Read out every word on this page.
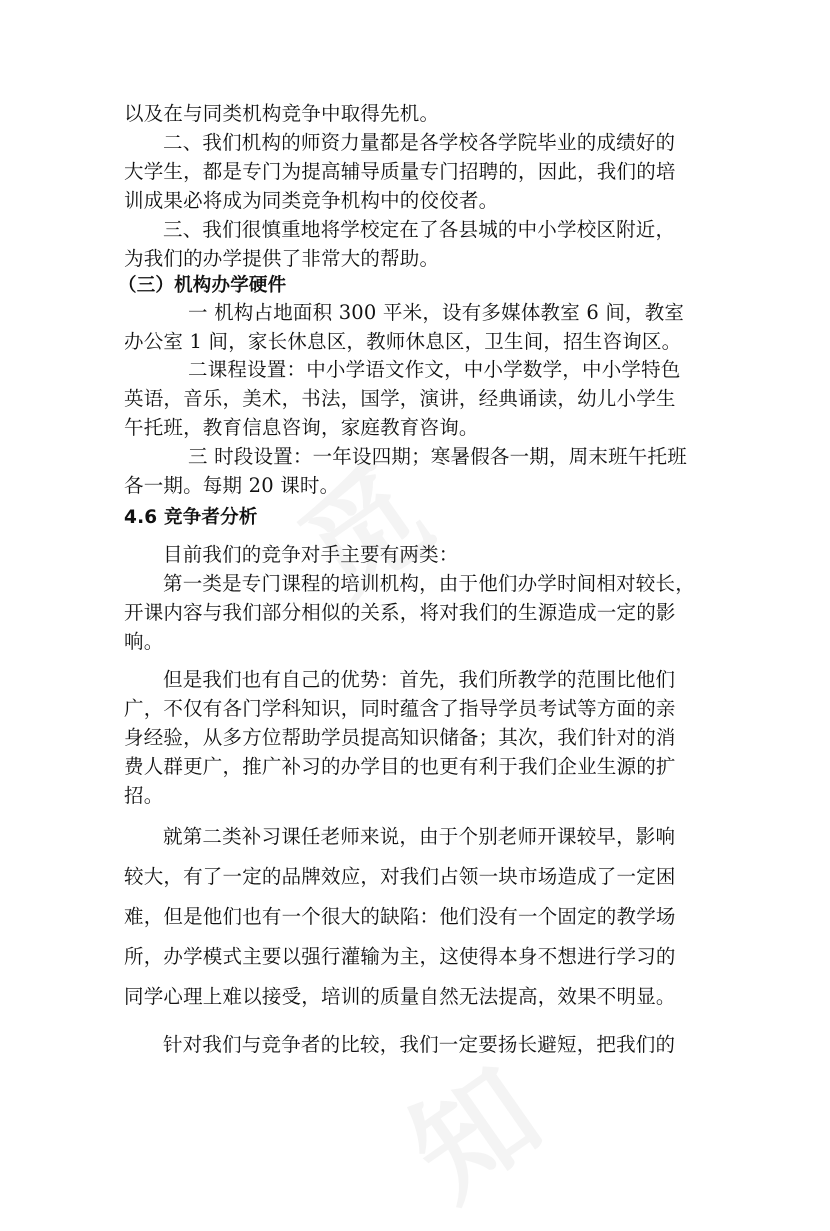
以及在与同类机构竞争中取得先机。
二、我们机构的师资力量都是各学校各学院毕业的成绩好的
大学生，都是专门为提高辅导质量专门招聘的，因此，我们的培
训成果必将成为同类竞争机构中的佼佼者。
三、我们很慎重地将学校定在了各县城的中小学校区附近，
为我们的办学提供了非常大的帮助。
（三）机构办学硬件
一 机构占地面积 300 平米，设有多媒体教室 6 间，教室
办公室 1 间，家长休息区，教师休息区，卫生间，招生咨询区。
二课程设置：中小学语文作文，中小学数学，中小学特色
英语，音乐，美术，书法，国学，演讲，经典诵读，幼儿小学生
午托班，教育信息咨询，家庭教育咨询。
三 时段设置：一年设四期；寒暑假各一期，周末班午托班
各一期。每期 20 课时。
4.6 竞争者分析
目前我们的竞争对手主要有两类：
第一类是专门课程的培训机构，由于他们办学时间相对较长，
开课内容与我们部分相似的关系，将对我们的生源造成一定的影
响。
但是我们也有自己的优势：首先，我们所教学的范围比他们
广，不仅有各门学科知识，同时蕴含了指导学员考试等方面的亲
身经验，从多方位帮助学员提高知识储备；其次，我们针对的消
费人群更广，推广补习的办学目的也更有利于我们企业生源的扩
招。
就第二类补习课任老师来说，由于个别老师开课较早，影响
较大，有了一定的品牌效应，对我们占领一块市场造成了一定困
难，但是他们也有一个很大的缺陷：他们没有一个固定的教学场
所，办学模式主要以强行灌输为主，这使得本身不想进行学习的
同学心理上难以接受，培训的质量自然无法提高，效果不明显。
针对我们与竞争者的比较，我们一定要扬长避短，把我们的
